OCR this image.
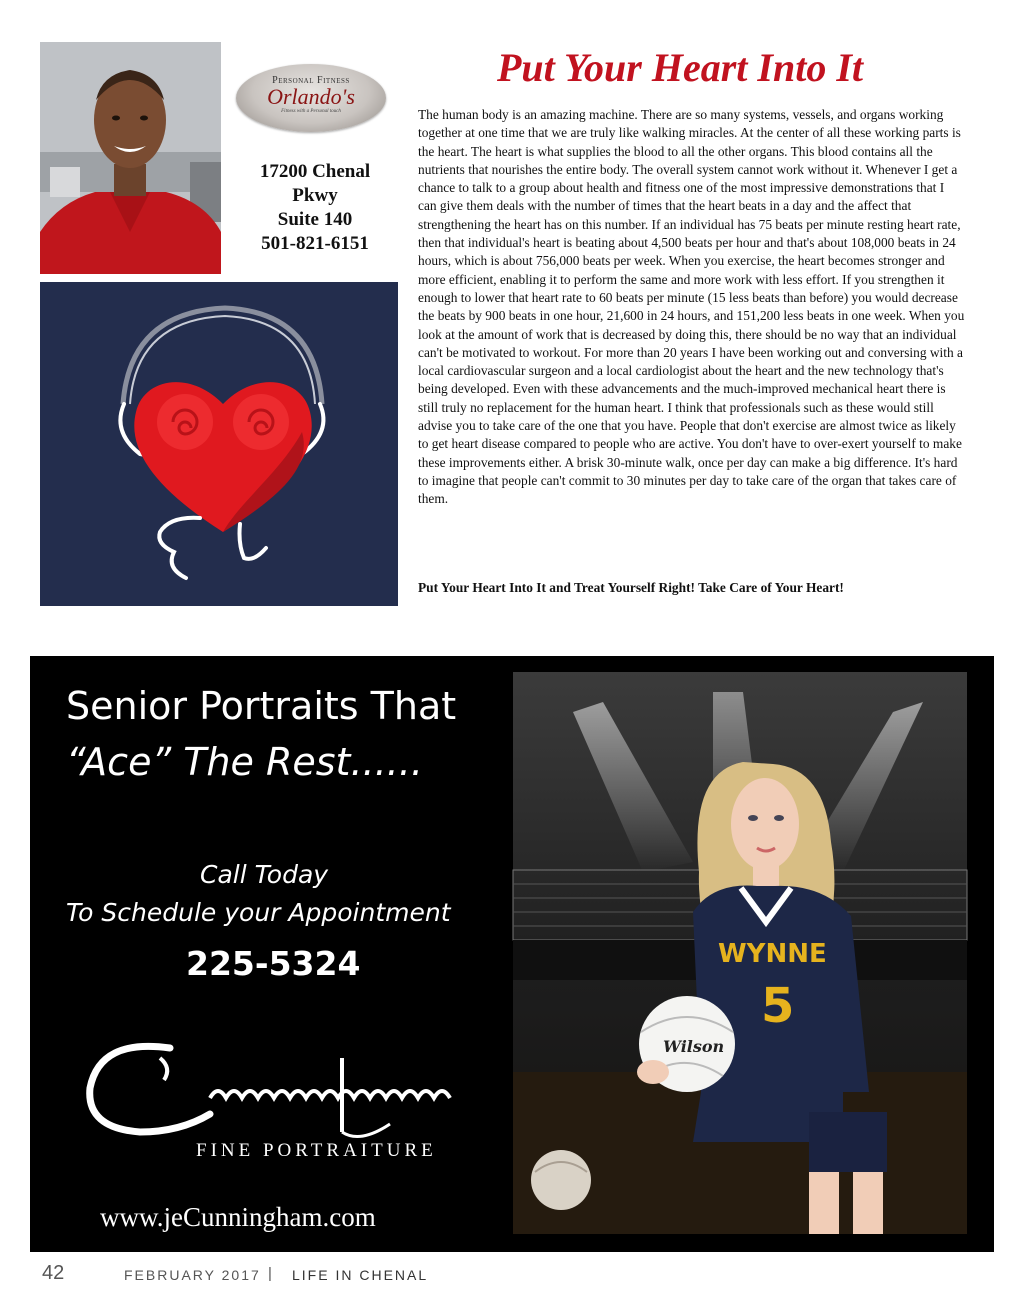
Personal Fitness
Orlando's
Fitness with a Personal touch
17200 Chenal
Pkwy
Suite 140
501-821-6151
Put Your Heart Into It
The human body is an amazing machine. There are so many systems, vessels, and organs working together at one time that we are truly like walking miracles. At the center of all these working parts is the heart. The heart is what supplies the blood to all the other organs. This blood contains all the nutrients that nourishes the entire body. The overall system cannot work without it. Whenever I get a chance to talk to a group about health and fitness one of the most impressive demonstrations that I can give them deals with the number of times that the heart beats in a day and the affect that strengthening the heart has on this number. If an individual has 75 beats per minute resting heart rate, then that individual's heart is beating about 4,500 beats per hour and that's about 108,000 beats in 24 hours, which is about 756,000 beats per week. When you exercise, the heart becomes stronger and more efficient, enabling it to perform the same and more work with less effort. If you strengthen it enough to lower that heart rate to 60 beats per minute (15 less beats than before) you would decrease the beats by 900 beats in one hour, 21,600 in 24 hours, and 151,200 less beats in one week. When you look at the amount of work that is decreased by doing this, there should be no way that an individual can't be motivated to workout. For more than 20 years I have been working out and conversing with a local cardiovascular surgeon and a local cardiologist about the heart and the new technology that's being developed. Even with these advancements and the much-improved mechanical heart there is still truly no replacement for the human heart. I think that professionals such as these would still advise you to take care of the one that you have. People that don't exercise are almost twice as likely to get heart disease compared to people who are active. You don't have to over-exert yourself to make these improvements either. A brisk 30-minute walk, once per day can make a big difference. It's hard to imagine that people can't commit to 30 minutes per day to take care of the organ that takes care of them.
Put Your Heart Into It and Treat Yourself Right! Take Care of Your Heart!
Senior Portraits That
“Ace” The Rest......
Call Today
To Schedule your Appointment
225-5324
Cunningham
FINE PORTRAITURE
www.jeCunningham.com
WYNNE
5
Wilson
42	FEBRUARY 2017 | LIFE IN CHENAL
